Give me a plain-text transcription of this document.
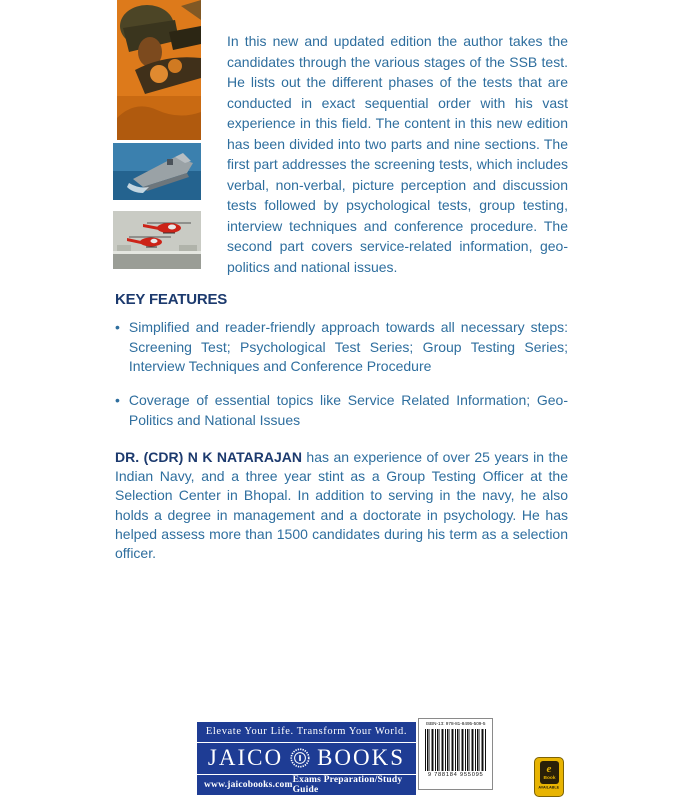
In this new and updated edition the author takes the candidates through the various stages of the SSB test. He lists out the different phases of the tests that are conducted in exact sequential order with his vast experience in this field. The content in this new edition has been divided into two parts and nine sections. The first part addresses the screening tests, which includes verbal, non-verbal, picture perception and discussion tests followed by psychological tests, group testing, interview techniques and conference procedure. The second part covers service-related information, geo-politics and national issues.

KEY FEATURES
• Simplified and reader-friendly approach towards all necessary steps: Screening Test; Psychological Test Series; Group Testing Series; Interview Techniques and Conference Procedure
• Coverage of essential topics like Service Related Information; Geo-Politics and National Issues

DR. (CDR) N K NATARAJAN has an experience of over 25 years in the Indian Navy, and a three year stint as a Group Testing Officer at the Selection Center in Bhopal. In addition to serving in the navy, he also holds a degree in management and a doctorate in psychology. He has helped assess more than 1500 candidates during his term as a selection officer.

Elevate Your Life. Transform Your World.
JAICO BOOKS
www.jaicobooks.com Exams Preparation/Study Guide
ISBN-13: 978-81-8495-509-5
9 788184 955095	e
Book
AVAILABLE
